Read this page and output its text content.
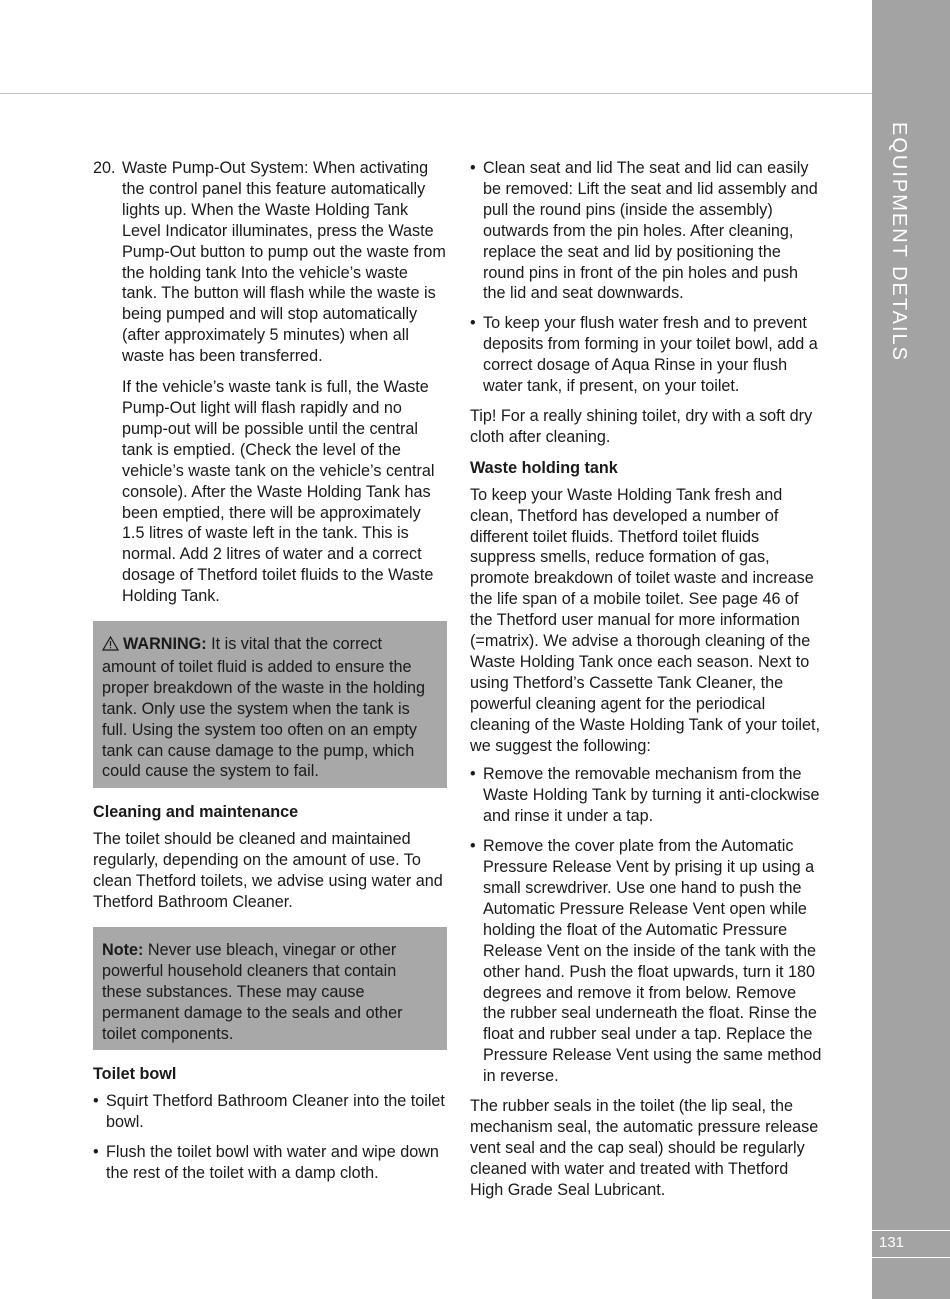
EQUIPMENT DETAILS
131
20. Waste Pump-Out System: When activating the control panel this feature automatically lights up. When the Waste Holding Tank Level Indicator illuminates, press the Waste Pump-Out button to pump out the waste from the holding tank Into the vehicle’s waste tank. The button will flash while the waste is being pumped and will stop automatically (after approximately 5 minutes) when all waste has been transferred.

If the vehicle’s waste tank is full, the Waste Pump-Out light will flash rapidly and no pump-out will be possible until the central tank is emptied. (Check the level of the vehicle’s waste tank on the vehicle’s central console). After the Waste Holding Tank has been emptied, there will be approximately 1.5 litres of waste left in the tank. This is normal. Add 2 litres of water and a correct dosage of Thetford toilet fluids to the Waste Holding Tank.

WARNING: It is vital that the correct amount of toilet fluid is added to ensure the proper breakdown of the waste in the holding tank. Only use the system when the tank is full. Using the system too often on an empty tank can cause damage to the pump, which could cause the system to fail.

Cleaning and maintenance

The toilet should be cleaned and maintained regularly, depending on the amount of use. To clean Thetford toilets, we advise using water and Thetford Bathroom Cleaner.

Note: Never use bleach, vinegar or other powerful household cleaners that contain these substances. These may cause permanent damage to the seals and other toilet components.

Toilet bowl

• Squirt Thetford Bathroom Cleaner into the toilet bowl.
• Flush the toilet bowl with water and wipe down the rest of the toilet with a damp cloth.
• Clean seat and lid The seat and lid can easily be removed: Lift the seat and lid assembly and pull the round pins (inside the assembly) outwards from the pin holes. After cleaning, replace the seat and lid by positioning the round pins in front of the pin holes and push the lid and seat downwards.
• To keep your flush water fresh and to prevent deposits from forming in your toilet bowl, add a correct dosage of Aqua Rinse in your flush water tank, if present, on your toilet.

Tip! For a really shining toilet, dry with a soft dry cloth after cleaning.

Waste holding tank

To keep your Waste Holding Tank fresh and clean, Thetford has developed a number of different toilet fluids. Thetford toilet fluids suppress smells, reduce formation of gas, promote breakdown of toilet waste and increase the life span of a mobile toilet. See page 46 of the Thetford user manual for more information (=matrix). We advise a thorough cleaning of the Waste Holding Tank once each season. Next to using Thetford’s Cassette Tank Cleaner, the powerful cleaning agent for the periodical cleaning of the Waste Holding Tank of your toilet, we suggest the following:

• Remove the removable mechanism from the Waste Holding Tank by turning it anti-clockwise and rinse it under a tap.
• Remove the cover plate from the Automatic Pressure Release Vent by prising it up using a small screwdriver. Use one hand to push the Automatic Pressure Release Vent open while holding the float of the Automatic Pressure Release Vent on the inside of the tank with the other hand. Push the float upwards, turn it 180 degrees and remove it from below. Remove the rubber seal underneath the float. Rinse the float and rubber seal under a tap. Replace the Pressure Release Vent using the same method in reverse.

The rubber seals in the toilet (the lip seal, the mechanism seal, the automatic pressure release vent seal and the cap seal) should be regularly cleaned with water and treated with Thetford High Grade Seal Lubricant.
